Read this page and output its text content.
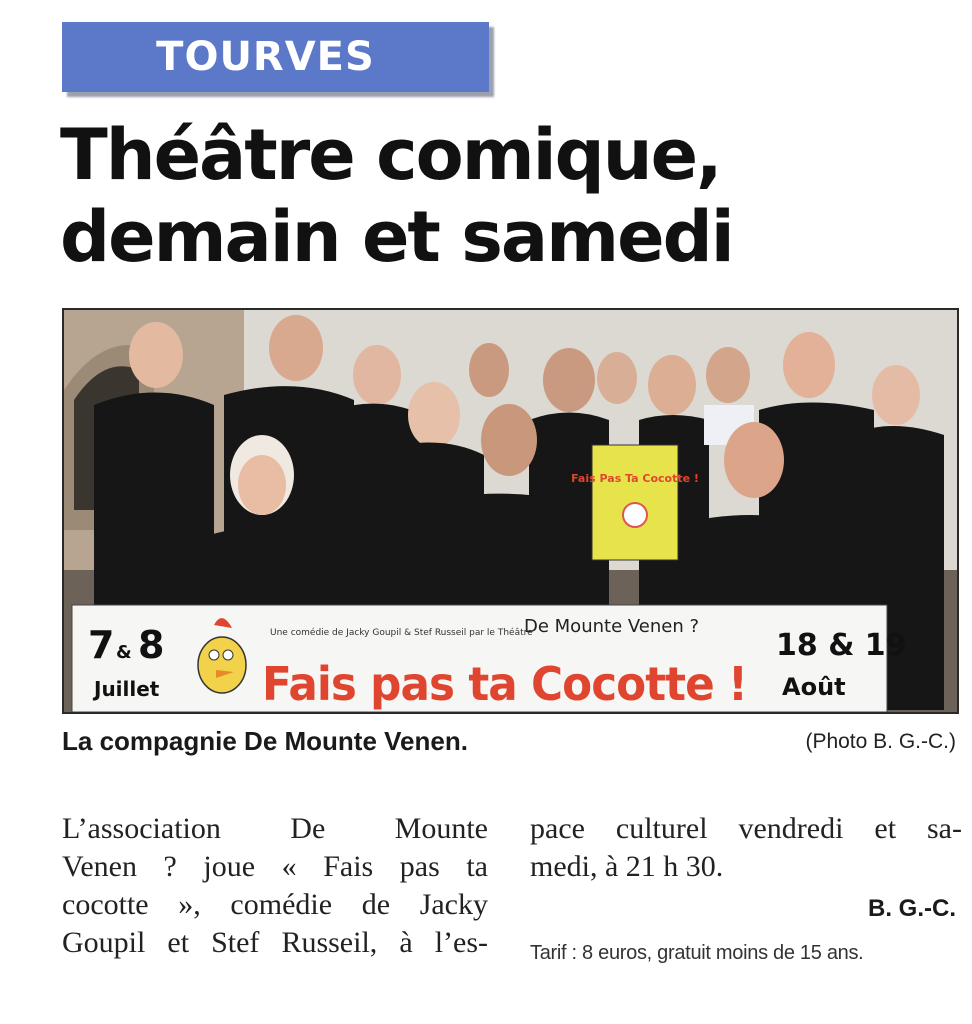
TOURVES
Théâtre comique,
demain et samedi
Fais Pas Ta Cocotte !
7 & 8
Juillet
Une comédie de Jacky Goupil & Stef Russeil par le Théâtre
De Mounte Venen ?
Fais pas ta Cocotte !
18 & 19
Août
La compagnie De Mounte Venen.	(Photo B. G.-C.)
L’association De Mounte
Venen ? joue « Fais pas ta
cocotte », comédie de Jacky
Goupil et Stef Russeil, à l’es-
pace culturel vendredi et sa-
medi, à 21 h 30.
B. G.-C.
Tarif : 8 euros, gratuit moins de 15 ans.
